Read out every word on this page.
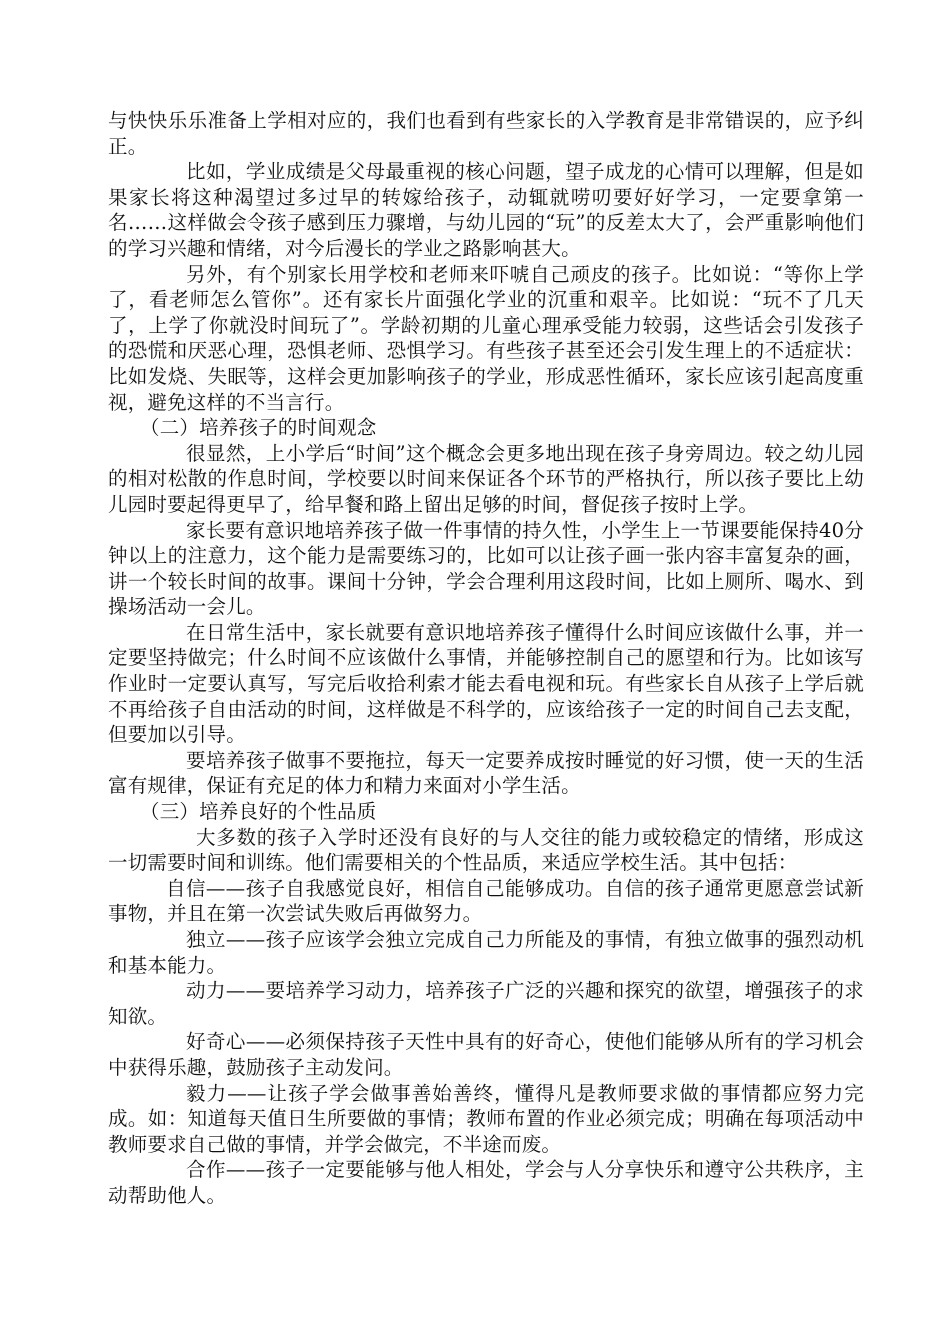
与快快乐乐准备上学相对应的，我们也看到有些家长的入学教育是非常错误的，应予纠正。

比如，学业成绩是父母最重视的核心问题，望子成龙的心情可以理解，但是如果家长将这种渴望过多过早的转嫁给孩子，动辄就唠叨要好好学习，一定要拿第一名……这样做会令孩子感到压力骤增，与幼儿园的“玩”的反差太大了，会严重影响他们的学习兴趣和情绪，对今后漫长的学业之路影响甚大。

另外，有个别家长用学校和老师来吓唬自己顽皮的孩子。比如说：“等你上学了，看老师怎么管你”。还有家长片面强化学业的沉重和艰辛。比如说：“玩不了几天了，上学了你就没时间玩了”。学龄初期的儿童心理承受能力较弱，这些话会引发孩子的恐慌和厌恶心理，恐惧老师、恐惧学习。有些孩子甚至还会引发生理上的不适症状：比如发烧、失眠等，这样会更加影响孩子的学业，形成恶性循环，家长应该引起高度重视，避免这样的不当言行。

（二）培养孩子的时间观念

很显然，上小学后“时间”这个概念会更多地出现在孩子身旁周边。较之幼儿园的相对松散的作息时间，学校要以时间来保证各个环节的严格执行，所以孩子要比上幼儿园时要起得更早了，给早餐和路上留出足够的时间，督促孩子按时上学。

家长要有意识地培养孩子做一件事情的持久性，小学生上一节课要能保持40分钟以上的注意力，这个能力是需要练习的，比如可以让孩子画一张内容丰富复杂的画，讲一个较长时间的故事。课间十分钟，学会合理利用这段时间，比如上厕所、喝水、到操场活动一会儿。

在日常生活中，家长就要有意识地培养孩子懂得什么时间应该做什么事，并一定要坚持做完；什么时间不应该做什么事情，并能够控制自己的愿望和行为。比如该写作业时一定要认真写，写完后收拾利索才能去看电视和玩。有些家长自从孩子上学后就不再给孩子自由活动的时间，这样做是不科学的，应该给孩子一定的时间自己去支配，但要加以引导。

要培养孩子做事不要拖拉，每天一定要养成按时睡觉的好习惯，使一天的生活富有规律，保证有充足的体力和精力来面对小学生活。

（三）培养良好的个性品质

大多数的孩子入学时还没有良好的与人交往的能力或较稳定的情绪，形成这一切需要时间和训练。他们需要相关的个性品质，来适应学校生活。其中包括：

自信——孩子自我感觉良好，相信自己能够成功。自信的孩子通常更愿意尝试新事物，并且在第一次尝试失败后再做努力。

独立——孩子应该学会独立完成自己力所能及的事情，有独立做事的强烈动机和基本能力。

动力——要培养学习动力，培养孩子广泛的兴趣和探究的欲望，增强孩子的求知欲。

好奇心——必须保持孩子天性中具有的好奇心，使他们能够从所有的学习机会中获得乐趣，鼓励孩子主动发问。

毅力——让孩子学会做事善始善终，懂得凡是教师要求做的事情都应努力完成。如：知道每天值日生所要做的事情；教师布置的作业必须完成；明确在每项活动中教师要求自己做的事情，并学会做完，不半途而废。

合作——孩子一定要能够与他人相处，学会与人分享快乐和遵守公共秩序，主动帮助他人。
